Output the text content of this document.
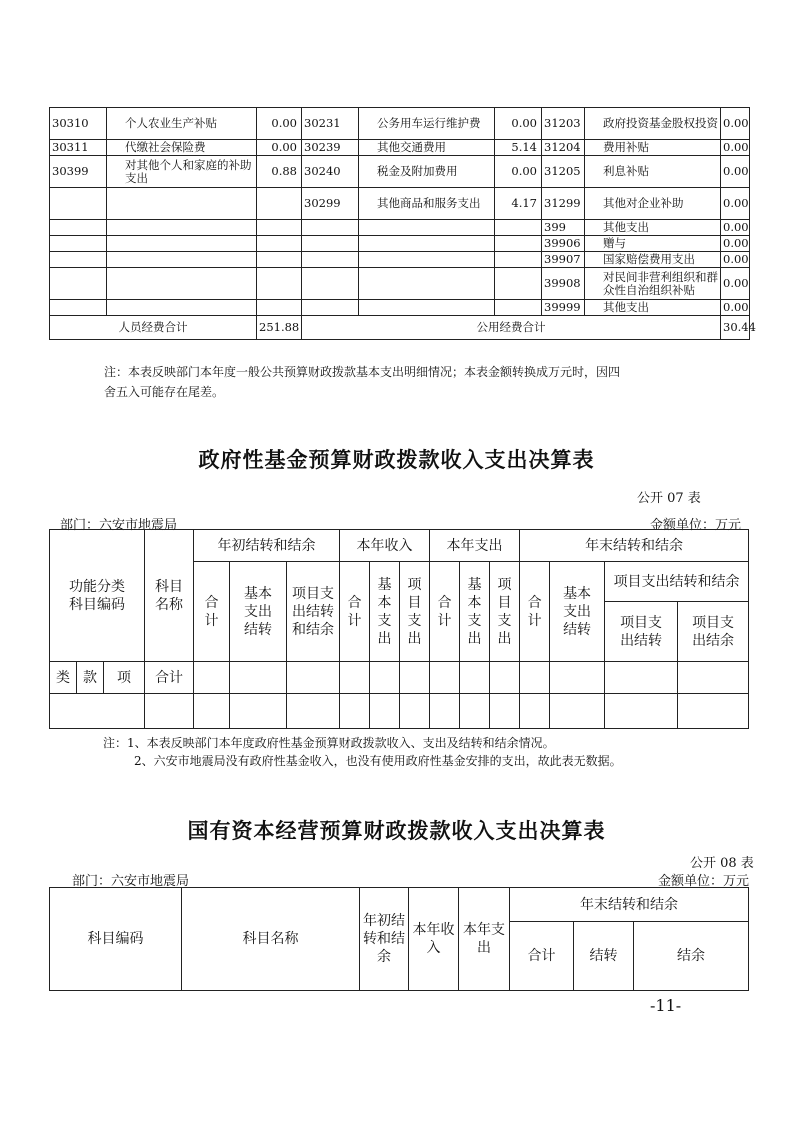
30310	个人农业生产补贴	0.00	30231	公务用车运行维护费	0.00	31203	政府投资基金股权投资	0.00
30311	代缴社会保险费	0.00	30239	其他交通费用	5.14	31204	费用补贴	0.00
30399	对其他个人和家庭的补助支出	0.88	30240	税金及附加费用	0.00	31205	利息补贴	0.00
			30299	其他商品和服务支出	4.17	31299	其他对企业补助	0.00
						399	其他支出	0.00
						39906	赠与	0.00
						39907	国家赔偿费用支出	0.00
						39908	对民间非营利组织和群众性自治组织补贴	0.00
						39999	其他支出	0.00
人员经费合计		251.88	公用经费合计					30.44
注：本表反映部门本年度一般公共预算财政拨款基本支出明细情况；本表金额转换成万元时，因四
舍五入可能存在尾差。
政府性基金预算财政拨款收入支出决算表
公开 07 表
部门：六安市地震局	金额单位：万元
功能分类科目编码			科目名称	年初结转和结余			本年收入			本年支出			年末结转和结余			
				合计	基本支出结转	项目支出结转和结余	合计	基本支出	项目支出	合计	基本支出	项目支出	合计	基本支出结转	项目支出结转和结余	
															项目支出结转	项目支出结余

类	款	项	合计													

注：1、本表反映部门本年度政府性基金预算财政拨款收入、支出及结转和结余情况。
2、六安市地震局没有政府性基金收入，也没有使用政府性基金安排的支出，故此表无数据。
国有资本经营预算财政拨款收入支出决算表
公开 08 表
部门：六安市地震局	金额单位：万元
科目编码	科目名称	年初结转和结余	本年收入	本年支出	年末结转和结余		
					合计	结转	结余
-11-
